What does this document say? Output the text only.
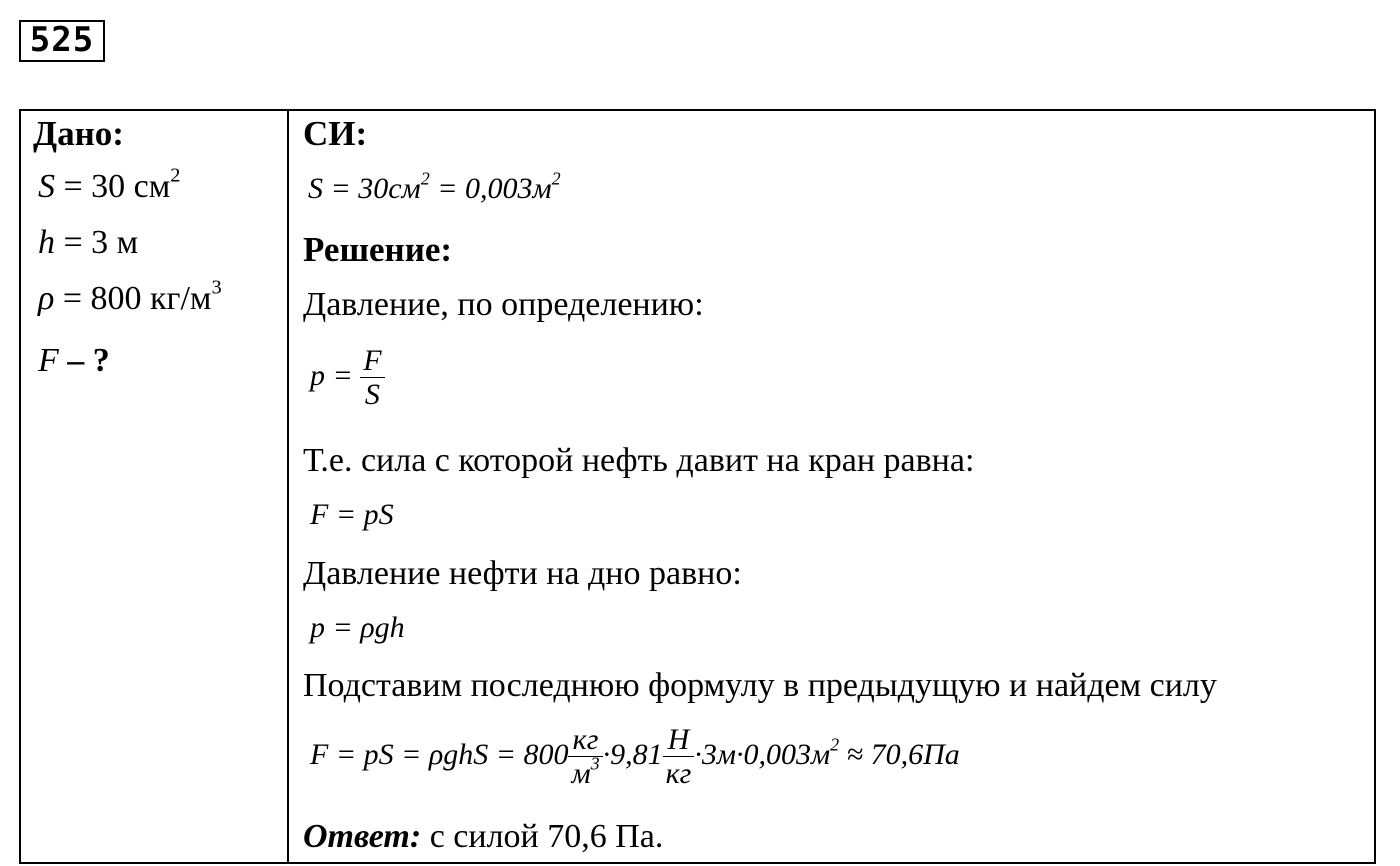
525
Дано:
S = 30 $см^2$
h = 3 м
ρ = 800 $кг/м^3$
F – ?
СИ:
$S = 30см^2 = 0,003м^2$
Решение:
Давление, по определению:
$p = \frac{F}{S}$
Т.е. сила с которой нефть давит на кран равна:
F = pS
Давление нефти на дно равно:
p = ρgh
Подставим последнюю формулу в предыдущую и найдем силу
F = pS = $\rho ghS = 800 \frac{кг}{м^3} \cdot 9,81 \frac{Н}{кг} \cdot 3м\cdot 0,003м^2 \approx 70,6Па$
Ответ: с силой 70,6 Па.
